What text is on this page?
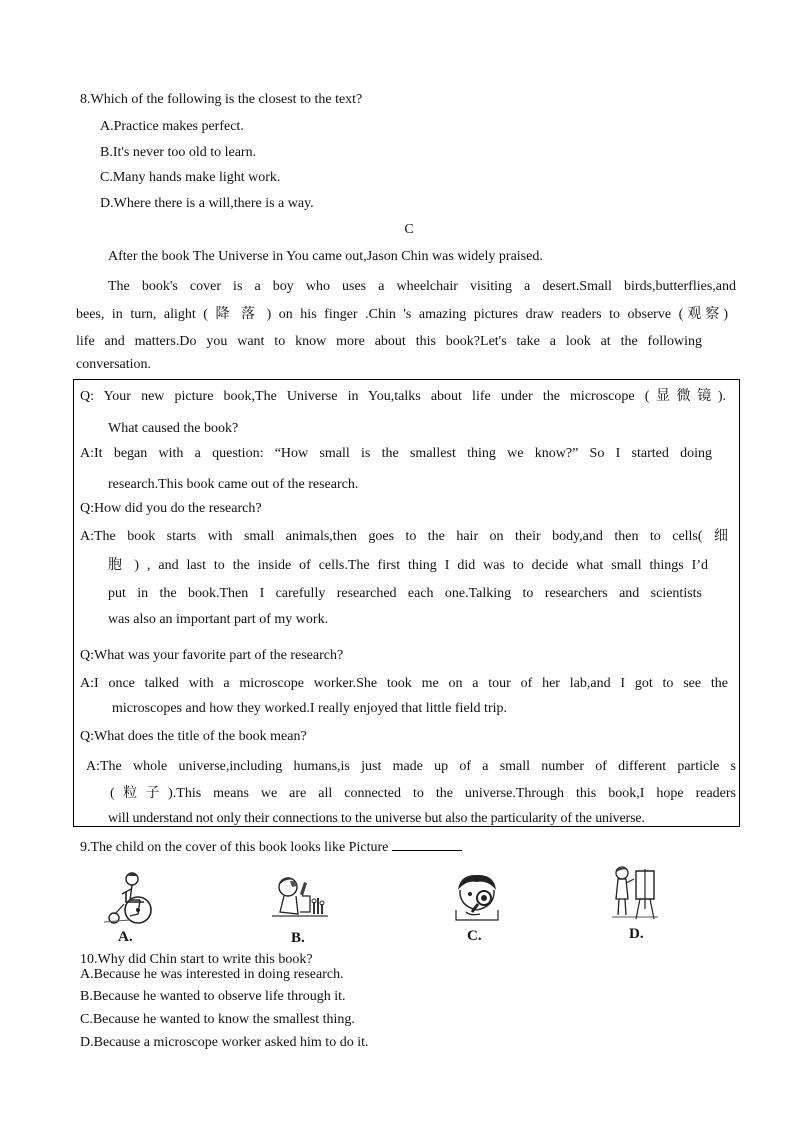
8.Which of the following is the closest to the text?
A.Practice makes perfect.
B.It's never too old to learn.
C.Many hands make light work.
D.Where there is a will,there is a way.
C
After the book The Universe in You came out,Jason Chin was widely praised.
The book's cover is a boy who uses a wheelchair visiting a desert.Small birds,butterflies,and
bees, in turn, alight ( 降 落 ) on his finger .Chin 's amazing pictures draw readers to observe (观察)
life and matters.Do you want to know more about this book?Let's take a look at the following
conversation.
Q: Your new picture book,The Universe in You,talks about life under the microscope (显微镜).
What caused the book?
A:It began with a question: “How small is the smallest thing we know?” So I started doing
research.This book came out of the research.
Q:How did you do the research?
A:The book starts with small animals,then goes to the hair on their body,and then to cells( 细
胞 ) , and last to the inside of cells.The first thing I did was to decide what small things I’d
put in the book.Then I carefully researched each one.Talking to researchers and scientists
was also an important part of my work.
Q:What was your favorite part of the research?
A:I once talked with a microscope worker.She took me on a tour of her lab,and I got to see the
microscopes and how they worked.I really enjoyed that little field trip.
Q:What does the title of the book mean?
A:The whole universe,including humans,is just made up of a small number of different particle s
(粒子).This means we are all connected to the universe.Through this book,I hope readers
will understand not only their connections to the universe but also the particularity of the universe.
9.The child on the cover of this book looks like Picture
A.	B.	C.	D.
10.Why did Chin start to write this book?
A.Because he was interested in doing research.
B.Because he wanted to observe life through it.
C.Because he wanted to know the smallest thing.
D.Because a microscope worker asked him to do it.
